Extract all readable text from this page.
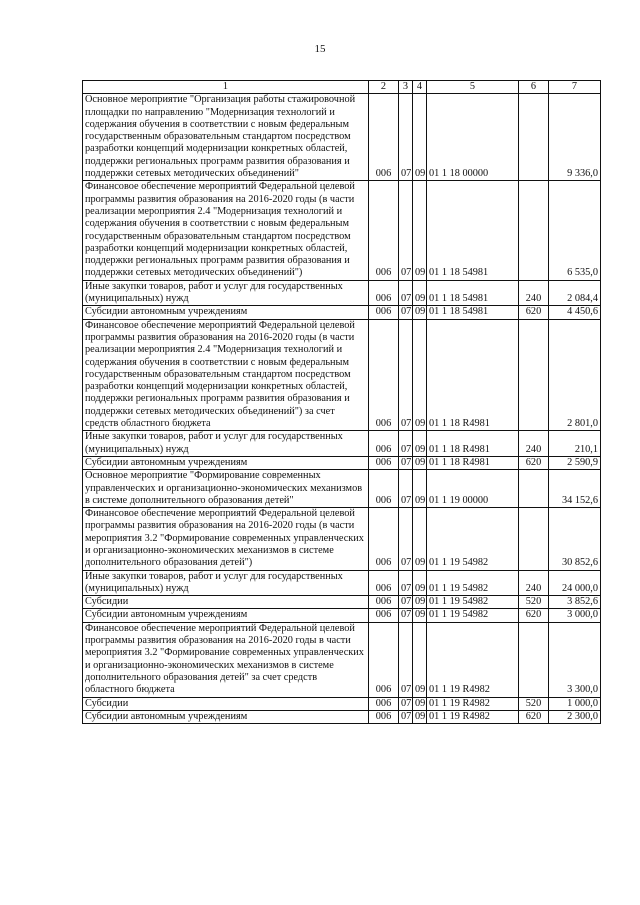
15
1	2	3	4	5	6	7
Основное мероприятие "Организация работы стажировочной площадки по направлению "Модернизация технологий и содержания обучения в соответствии с новым федеральным государственным образовательным стандартом посредством разработки концепций модернизации конкретных областей, поддержки региональных программ развития образования и поддержки сетевых методических объединений"	006	07	09	01 1 18 00000		9 336,0
Финансовое обеспечение мероприятий Федеральной целевой программы развития образования на 2016-2020 годы (в части реализации мероприятия 2.4 "Модернизация технологий и содержания обучения в соответствии с новым федеральным государственным образовательным стандартом посредством разработки концепций модернизации конкретных областей, поддержки региональных программ развития образования и поддержки сетевых методических объединений")	006	07	09	01 1 18 54981		6 535,0
Иные закупки товаров, работ и услуг для государственных (муниципальных) нужд	006	07	09	01 1 18 54981	240	2 084,4
Субсидии автономным учреждениям	006	07	09	01 1 18 54981	620	4 450,6
Финансовое обеспечение мероприятий Федеральной целевой программы развития образования на 2016-2020 годы (в части реализации мероприятия 2.4 "Модернизация технологий и содержания обучения в соответствии с новым федеральным государственным образовательным стандартом посредством разработки концепций модернизации конкретных областей, поддержки региональных программ развития образования и поддержки сетевых методических объединений") за счет средств областного бюджета	006	07	09	01 1 18 R4981		2 801,0
Иные закупки товаров, работ и услуг для государственных (муниципальных) нужд	006	07	09	01 1 18 R4981	240	210,1
Субсидии автономным учреждениям	006	07	09	01 1 18 R4981	620	2 590,9
Основное мероприятие "Формирование современных управленческих и организационно-экономических механизмов в системе дополнительного образования детей"	006	07	09	01 1 19 00000		34 152,6
Финансовое обеспечение мероприятий Федеральной целевой программы развития образования на 2016-2020 годы (в части мероприятия 3.2 "Формирование современных управленческих и организационно-экономических механизмов в системе дополнительного образования детей")	006	07	09	01 1 19 54982		30 852,6
Иные закупки товаров, работ и услуг для государственных (муниципальных) нужд	006	07	09	01 1 19 54982	240	24 000,0
Субсидии	006	07	09	01 1 19 54982	520	3 852,6
Субсидии автономным учреждениям	006	07	09	01 1 19 54982	620	3 000,0
Финансовое обеспечение мероприятий Федеральной целевой программы развития образования на 2016-2020 годы в части мероприятия 3.2 "Формирование современных управленческих и организационно-экономических механизмов в системе дополнительного образования детей" за счет средств областного бюджета	006	07	09	01 1 19 R4982		3 300,0
Субсидии	006	07	09	01 1 19 R4982	520	1 000,0
Субсидии автономным учреждениям	006	07	09	01 1 19 R4982	620	2 300,0
